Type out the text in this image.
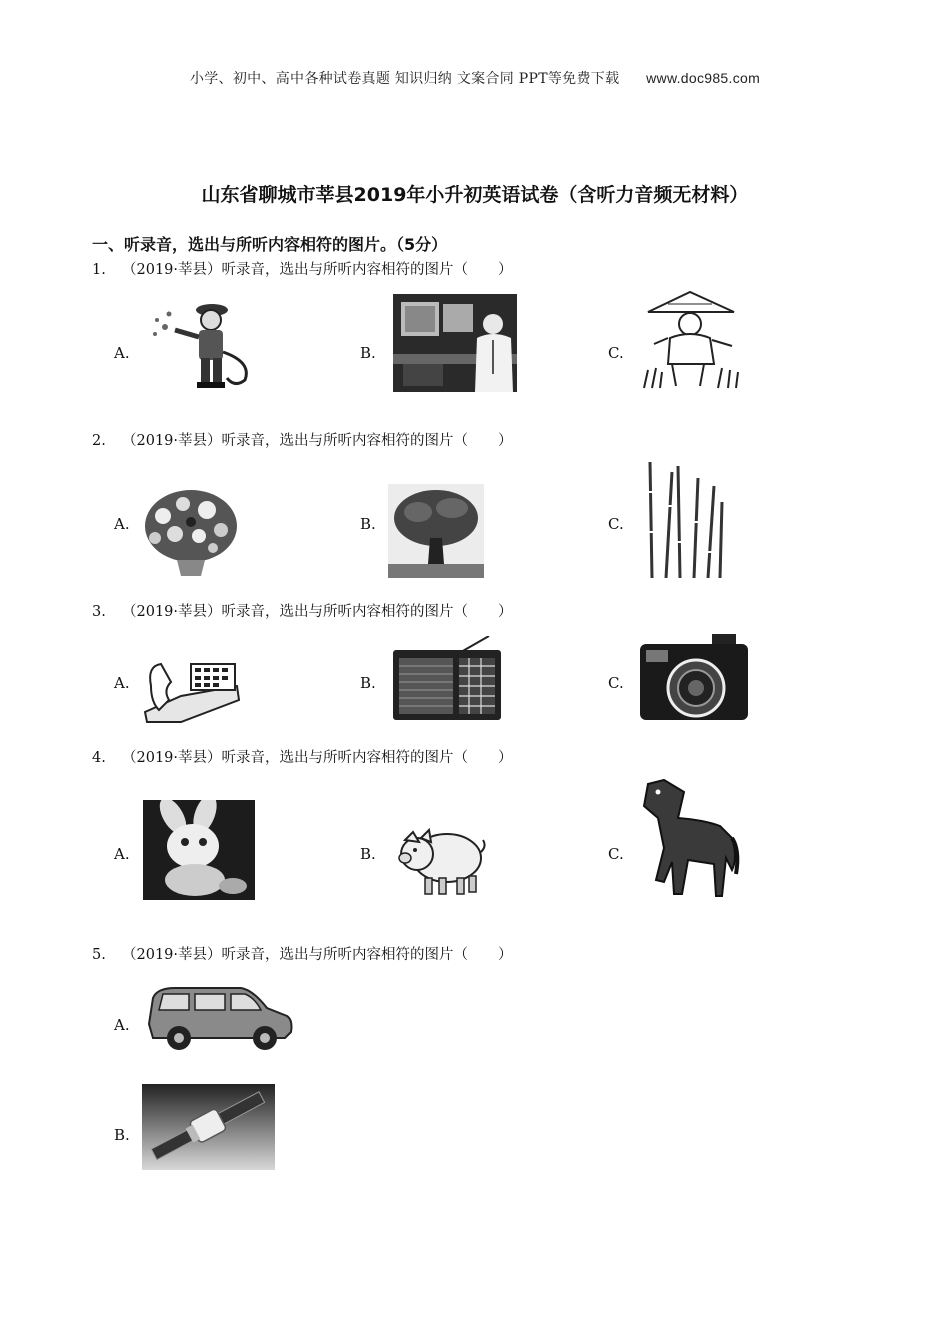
小学、初中、高中各种试卷真题 知识归纳 文案合同 PPT等免费下载 www.doc985.com
山东省聊城市莘县2019年小升初英语试卷（含听力音频无材料）
一、听录音，选出与所听内容相符的图片。（5分）
1. （2019·莘县）听录音，选出与所听内容相符的图片（ ）
A.	B.	C.
2. （2019·莘县）听录音，选出与所听内容相符的图片（ ）
A.	B.	C.
3. （2019·莘县）听录音，选出与所听内容相符的图片（ ）
A.	B.	C.
4. （2019·莘县）听录音，选出与所听内容相符的图片（ ）
A.	B.	C.
5. （2019·莘县）听录音，选出与所听内容相符的图片（ ）
A.
B.
